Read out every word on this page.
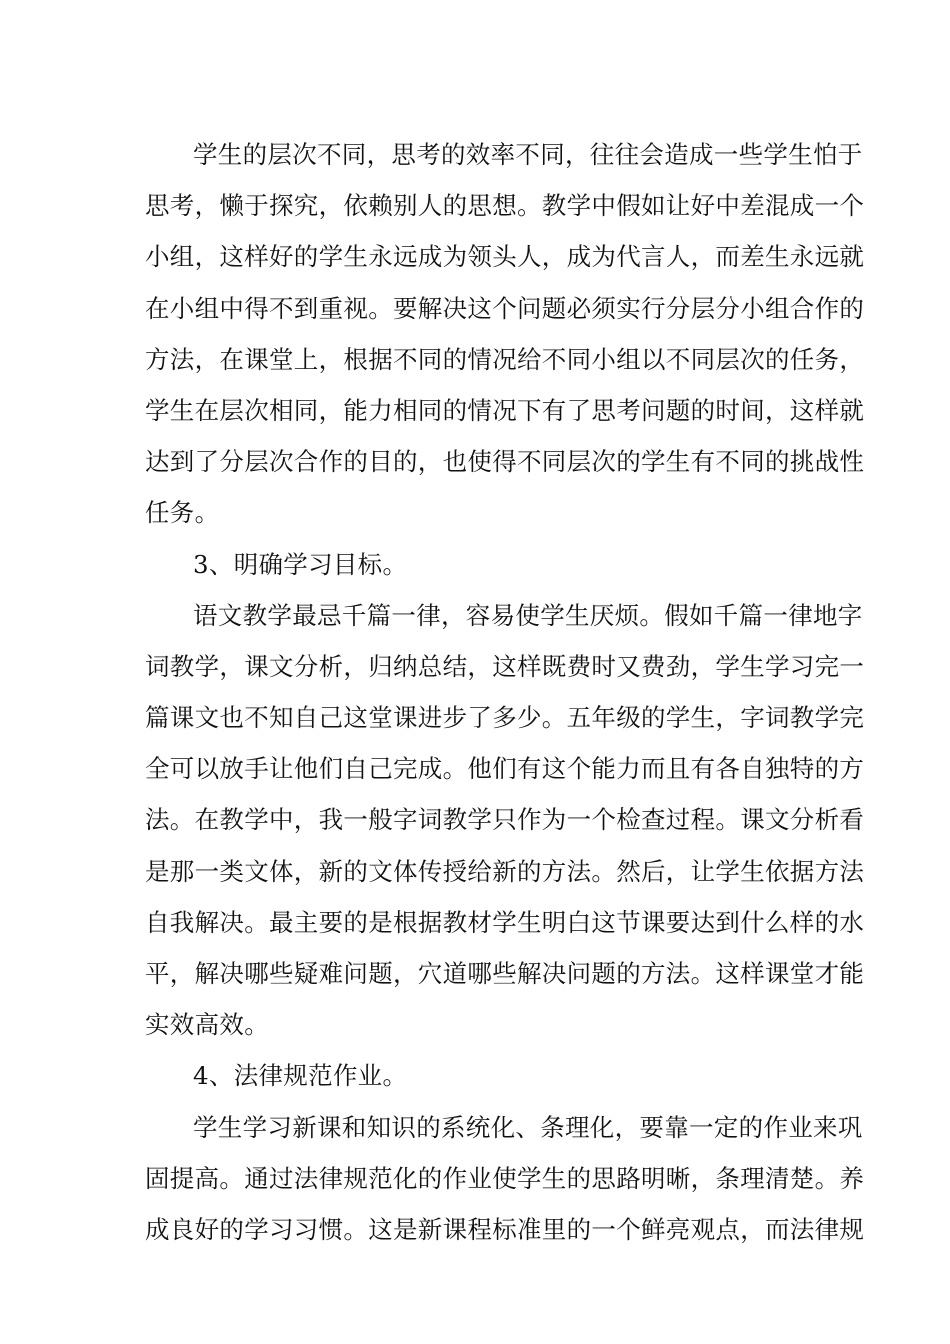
学生的层次不同，思考的效率不同，往往会造成一些学生怕于
思考，懒于探究，依赖别人的思想。教学中假如让好中差混成一个
小组，这样好的学生永远成为领头人，成为代言人，而差生永远就
在小组中得不到重视。要解决这个问题必须实行分层分小组合作的
方法，在课堂上，根据不同的情况给不同小组以不同层次的任务，
学生在层次相同，能力相同的情况下有了思考问题的时间，这样就
达到了分层次合作的目的，也使得不同层次的学生有不同的挑战性
任务。
3、明确学习目标。
语文教学最忌千篇一律，容易使学生厌烦。假如千篇一律地字
词教学，课文分析，归纳总结，这样既费时又费劲，学生学习完一
篇课文也不知自己这堂课进步了多少。五年级的学生，字词教学完
全可以放手让他们自己完成。他们有这个能力而且有各自独特的方
法。在教学中，我一般字词教学只作为一个检查过程。课文分析看
是那一类文体，新的文体传授给新的方法。然后，让学生依据方法
自我解决。最主要的是根据教材学生明白这节课要达到什么样的水
平，解决哪些疑难问题，穴道哪些解决问题的方法。这样课堂才能
实效高效。
4、法律规范作业。
学生学习新课和知识的系统化、条理化，要靠一定的作业来巩
固提高。通过法律规范化的作业使学生的思路明晰，条理清楚。养
成良好的学习习惯。这是新课程标准里的一个鲜亮观点，而法律规
